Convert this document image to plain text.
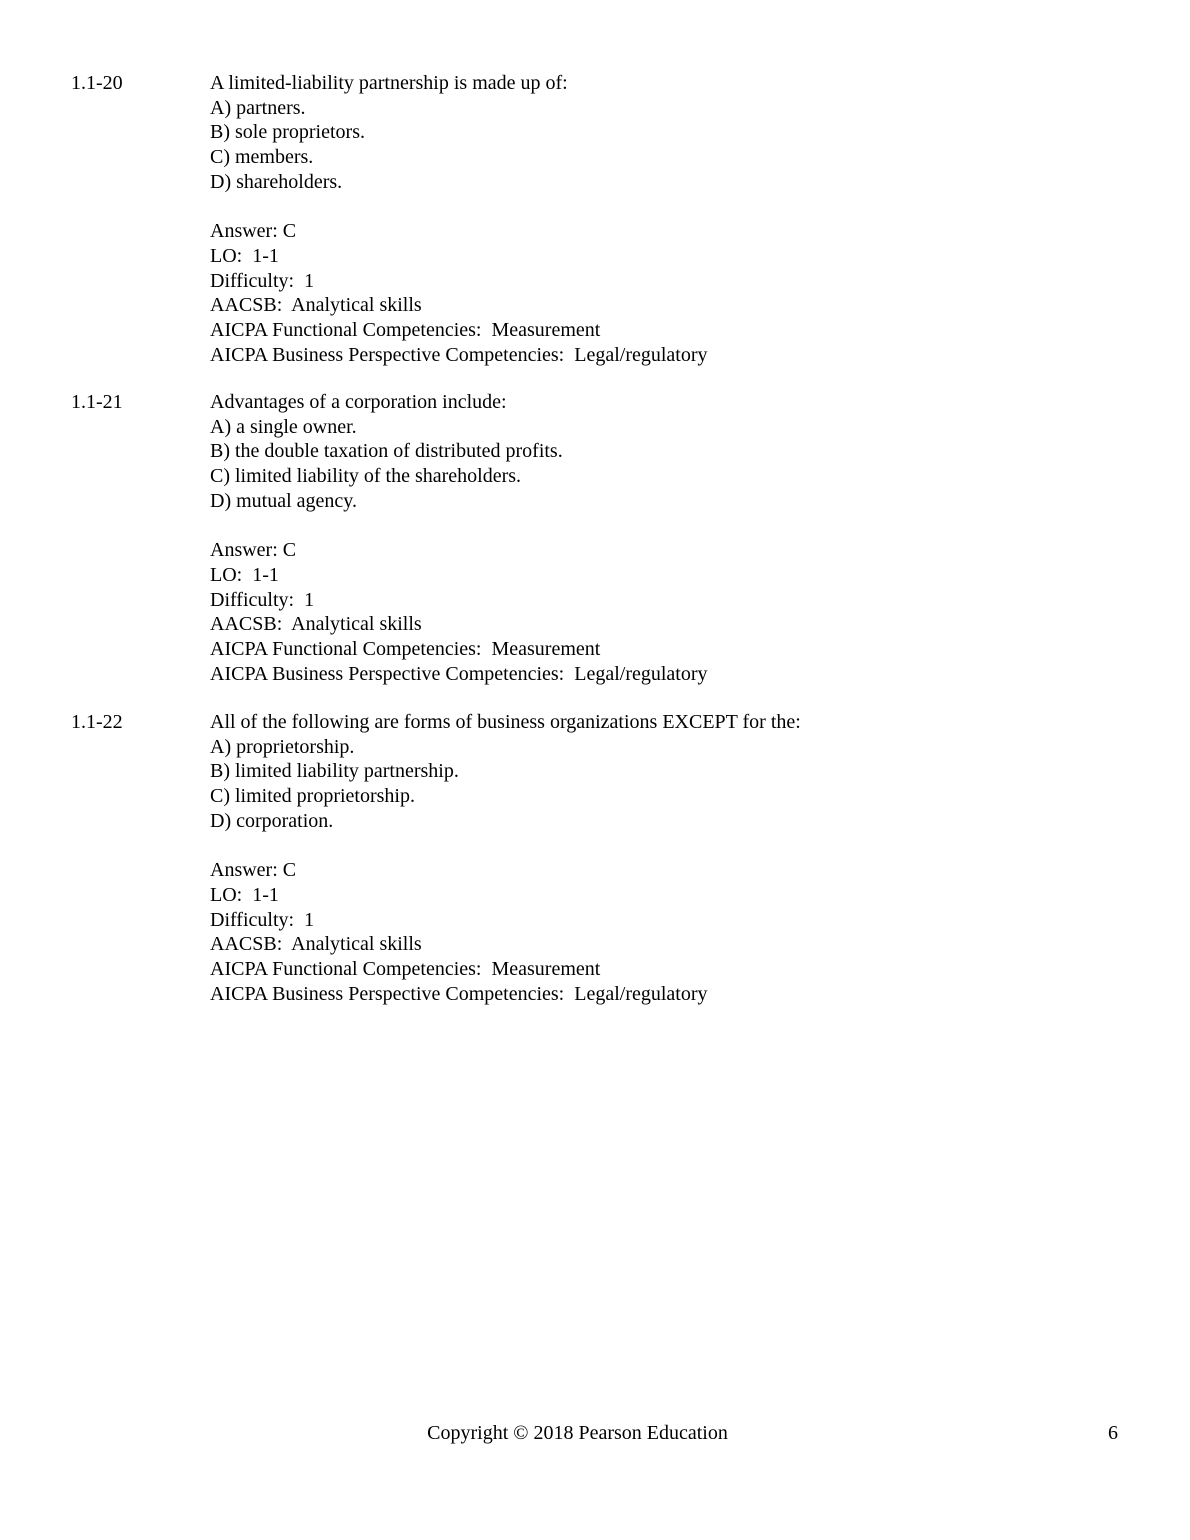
1.1-20	A limited-liability partnership is made up of:
A) partners.
B) sole proprietors.
C) members.
D) shareholders.
Answer: C
LO:  1-1
Difficulty:  1
AACSB:  Analytical skills
AICPA Functional Competencies:  Measurement
AICPA Business Perspective Competencies:  Legal/regulatory
1.1-21	Advantages of a corporation include:
A) a single owner.
B) the double taxation of distributed profits.
C) limited liability of the shareholders.
D) mutual agency.
Answer: C
LO:  1-1
Difficulty:  1
AACSB:  Analytical skills
AICPA Functional Competencies:  Measurement
AICPA Business Perspective Competencies:  Legal/regulatory
1.1-22	All of the following are forms of business organizations EXCEPT for the:
A) proprietorship.
B) limited liability partnership.
C) limited proprietorship.
D) corporation.
Answer: C
LO:  1-1
Difficulty:  1
AACSB:  Analytical skills
AICPA Functional Competencies:  Measurement
AICPA Business Perspective Competencies:  Legal/regulatory
Copyright © 2018 Pearson Education	6
